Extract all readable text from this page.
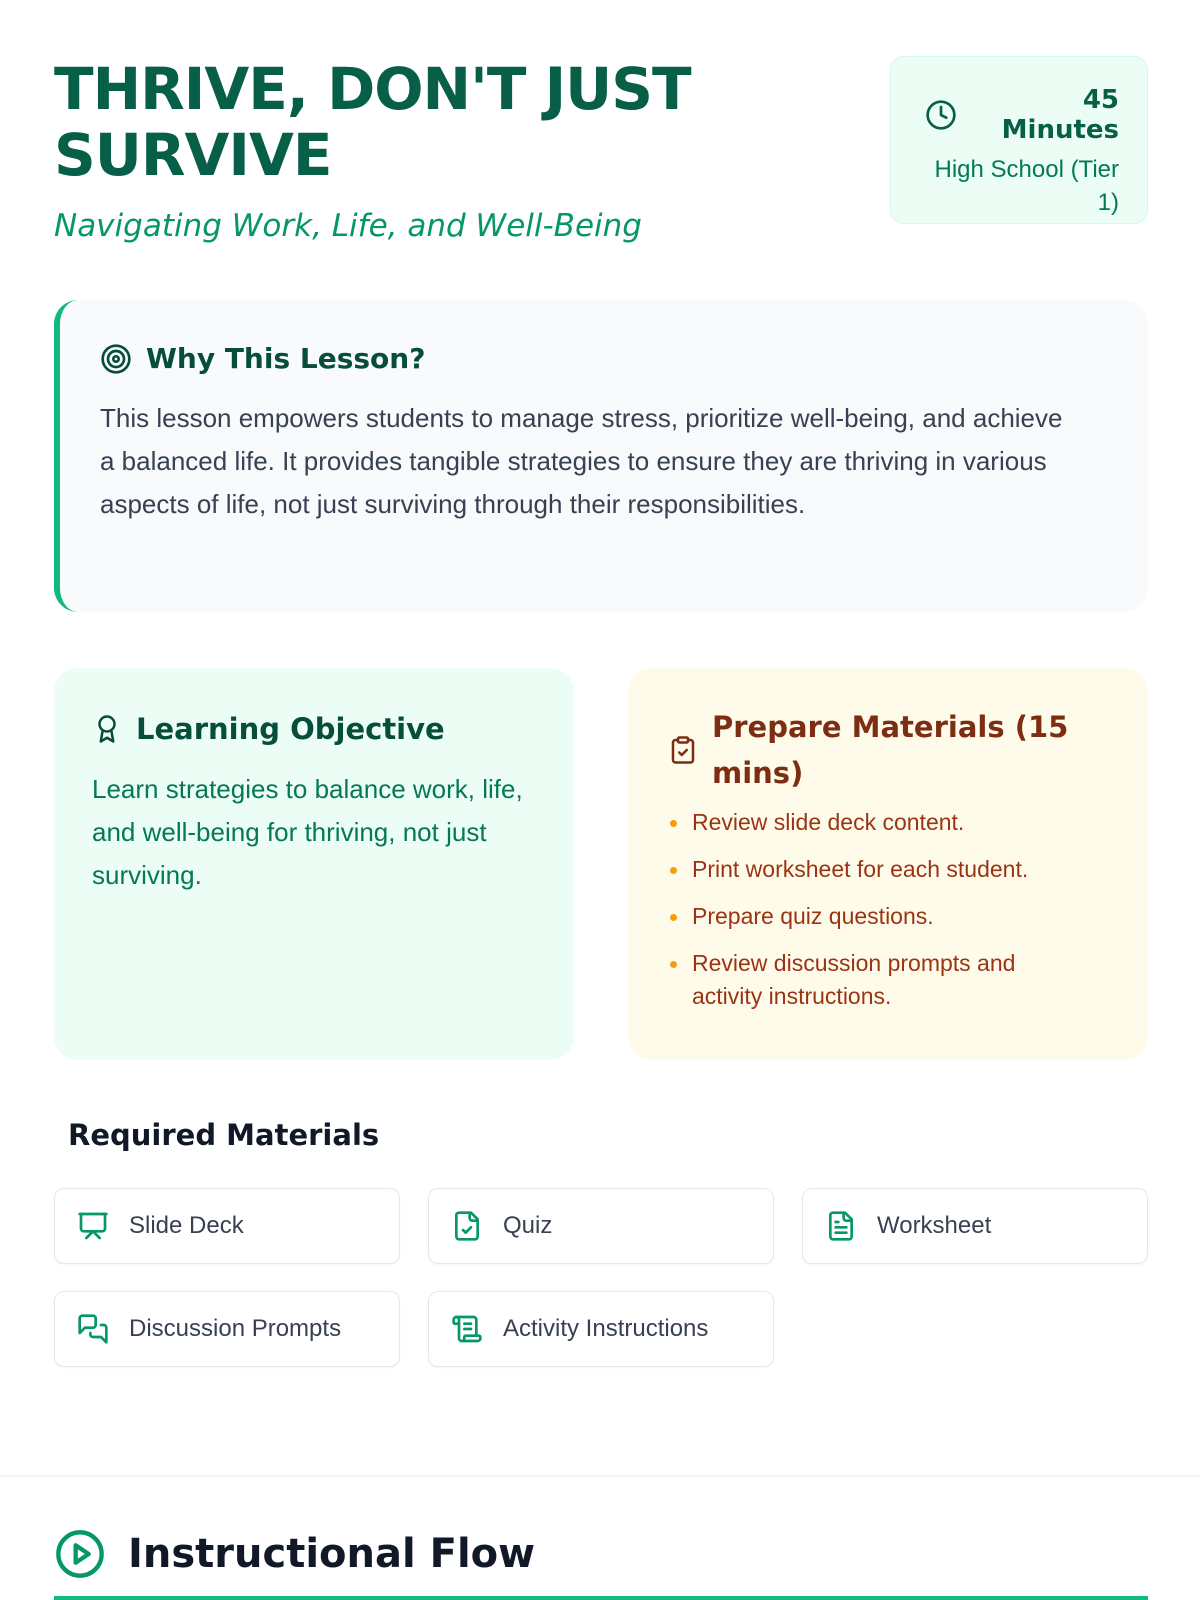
THRIVE, DON'T JUST SURVIVE
Navigating Work, Life, and Well-Being
45 Minutes
High School (Tier 1)
Why This Lesson?

This lesson empowers students to manage stress, prioritize well-being, and achieve a balanced life. It provides tangible strategies to ensure they are thriving in various aspects of life, not just surviving through their responsibilities.

Learning Objective

Learn strategies to balance work, life, and well-being for thriving, not just surviving.

Prepare Materials (15 mins)
Review slide deck content.
Print worksheet for each student.
Prepare quiz questions.
Review discussion prompts and activity instructions.
Required Materials
Slide Deck	Quiz	Worksheet
Discussion Prompts	Activity Instructions
Instructional Flow
